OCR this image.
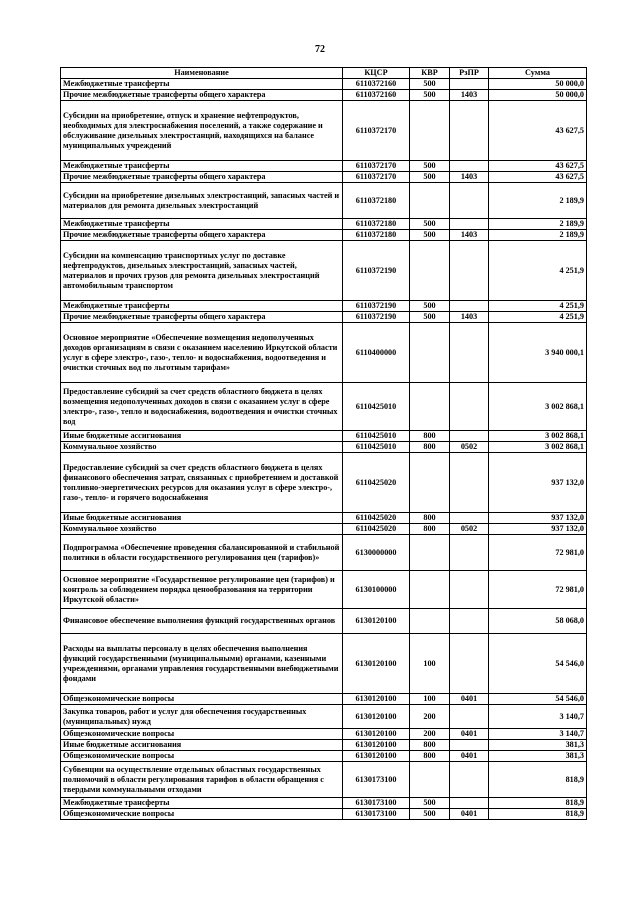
72
Наименование	КЦСР	КВР	РзПР	Сумма
Межбюджетные трансферты	6110372160	500		50 000,0
Прочие межбюджетные трансферты общего характера	6110372160	500	1403	50 000,0
Субсидии на приобретение, отпуск и хранение нефтепродуктов, необходимых для электроснабжения поселений, а также содержание и обслуживание дизельных электростанций, находящихся на балансе муниципальных учреждений	6110372170			43 627,5
Межбюджетные трансферты	6110372170	500		43 627,5
Прочие межбюджетные трансферты общего характера	6110372170	500	1403	43 627,5
Субсидии на приобретение дизельных электростанций, запасных частей и материалов для ремонта дизельных электростанций	6110372180			2 189,9
Межбюджетные трансферты	6110372180	500		2 189,9
Прочие межбюджетные трансферты общего характера	6110372180	500	1403	2 189,9
Субсидии на компенсацию транспортных услуг по доставке нефтепродуктов, дизельных электростанций, запасных частей, материалов и прочих грузов для ремонта дизельных электростанций автомобильным транспортом	6110372190			4 251,9
Межбюджетные трансферты	6110372190	500		4 251,9
Прочие межбюджетные трансферты общего характера	6110372190	500	1403	4 251,9
Основное мероприятие «Обеспечение возмещения недополученных доходов организациям в связи с оказанием населению Иркутской области услуг в сфере электро-, газо-, тепло- и водоснабжения, водоотведения и очистки сточных вод по льготным тарифам»	6110400000			3 940 000,1
Предоставление субсидий за счет средств областного бюджета в целях возмещения недополученных доходов в связи с оказанием услуг в сфере электро-, газо-, тепло и водоснабжения, водоотведения и очистки сточных вод	6110425010			3 002 868,1
Иные бюджетные ассигнования	6110425010	800		3 002 868,1
Коммунальное хозяйство	6110425010	800	0502	3 002 868,1
Предоставление субсидий за счет средств областного бюджета в целях финансового обеспечения затрат, связанных с приобретением и доставкой топливно-энергетических ресурсов для оказания услуг в сфере электро-, газо-, тепло- и горячего водоснабжения	6110425020			937 132,0
Иные бюджетные ассигнования	6110425020	800		937 132,0
Коммунальное хозяйство	6110425020	800	0502	937 132,0
Подпрограмма «Обеспечение проведения сбалансированной и стабильной политики в области государственного регулирования цен (тарифов)»	6130000000			72 981,0
Основное мероприятие «Государственное регулирование цен (тарифов) и контроль за соблюдением порядка ценообразования на территории Иркутской области»	6130100000			72 981,0
Финансовое обеспечение выполнения функций государственных органов	6130120100			58 068,0
Расходы на выплаты персоналу в целях обеспечения выполнения функций государственными (муниципальными) органами, казенными учреждениями, органами управления государственными внебюджетными фондами	6130120100	100		54 546,0
Общеэкономические вопросы	6130120100	100	0401	54 546,0
Закупка товаров, работ и услуг для обеспечения государственных (муниципальных) нужд	6130120100	200		3 140,7
Общеэкономические вопросы	6130120100	200	0401	3 140,7
Иные бюджетные ассигнования	6130120100	800		381,3
Общеэкономические вопросы	6130120100	800	0401	381,3
Субвенции на осуществление отдельных областных государственных полномочий в области регулирования тарифов в области обращения с твердыми коммунальными отходами	6130173100			818,9
Межбюджетные трансферты	6130173100	500		818,9
Общеэкономические вопросы	6130173100	500	0401	818,9
